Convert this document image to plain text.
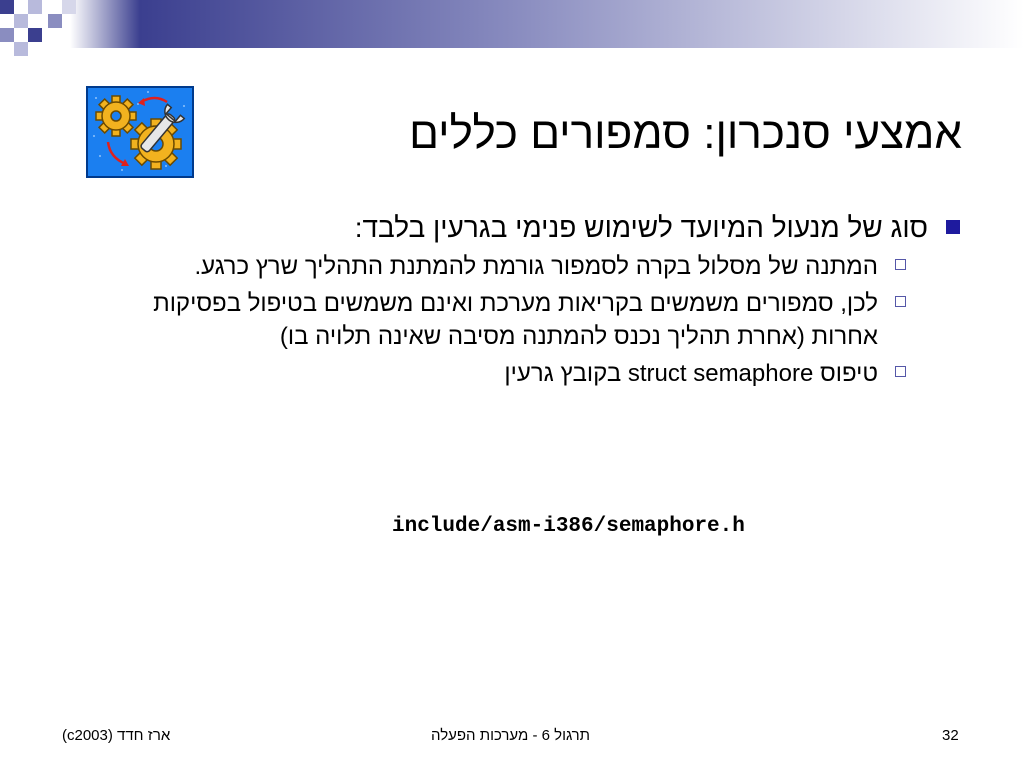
אמצעי סנכרון: סמפורים כללים
סוג של מנעול המיועד לשימוש פנימי בגרעין בלבד:
המתנה של מסלול בקרה לסמפור גורמת להמתנת התהליך שרץ כרגע.
לכן, סמפורים משמשים בקריאות מערכת ואינם משמשים בטיפול בפסיקות אחרות (אחרת תהליך נכנס להמתנה מסיבה שאינה תלויה בו)
טיפוס struct semaphore בקובץ גרעין
include/asm-i386/semaphore.h
ארז חדד (c2003)	תרגול 6 - מערכות הפעלה	32
